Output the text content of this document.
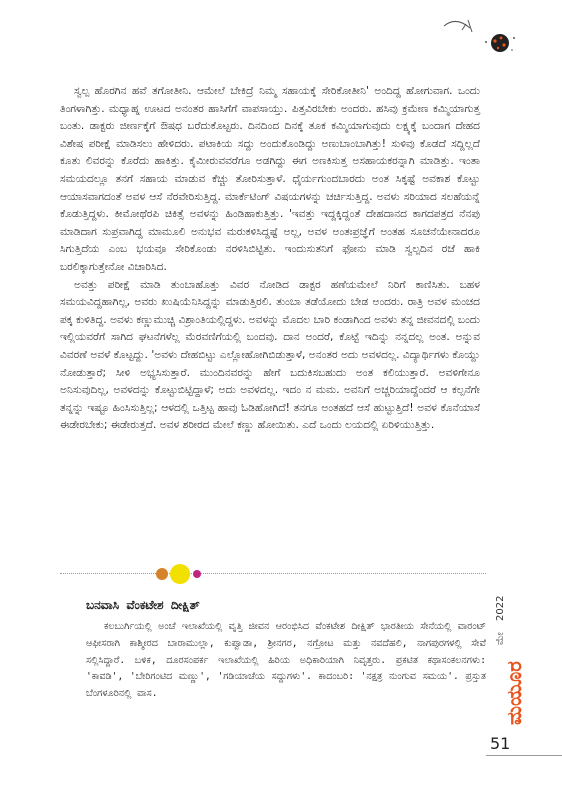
ಸ್ವಲ್ಪ ಹೊರಗಿನ ಹವೆ ತಗೋತೀನಿ. ಆಮೇಲೆ ಬೇಕಿದ್ರೆ ನಿಮ್ಮ ಸಹಾಯಕ್ಕೆ ಸೇರಿಕೋತೀನಿ' ಅಂದಿದ್ದ ಹೋಗುವಾಗ. ಒಂದು ತಿಂಗಳಾಗಿತ್ತು. ಮಧ್ಯಾಹ್ನ ಊಟದ ಅನಂತರ ಹಾಸಿಗೆಗೆ ವಾಪಸಾಯ್ತು. ಪಿತ್ತವಿರಬೇಕು ಅಂದರು. ಹಸಿವು ಕ್ರಮೇಣ ಕಮ್ಮಿಯಾಗುತ್ತ ಬಂತು. ಡಾಕ್ಟರು ಜೀರ್ಣಕ್ಕೆಗೆ ಔಷಧ ಬರೆದುಕೊಟ್ಟರು. ದಿನದಿಂದ ದಿನಕ್ಕೆ ತೂಕ ಕಮ್ಮಿಯಾಗುವುದು ಲಕ್ಷ್ಯಕ್ಕೆ ಬಂದಾಗ ದೇಹದ ವಿಶೇಷ ಪರೀಕ್ಷೆ ಮಾಡಿಸಲು ಹೇಳಿದರು. ಪಟಾಕಿಯ ಸದ್ದು ಅಂದುಕೊಂಡಿದ್ದು ಅಣುಬಾಂಬಾಗಿತ್ತು! ಸುಳಿವು ಕೊಡದೆ ಸದ್ದಿಲ್ಲದೆ ಕೂತು ಲಿವರನ್ನು ಕೊರೆದು ಹಾಕಿತ್ತು. ಕೈಮೀರುವವರೆಗೂ ಅಡಗಿದ್ದು ಈಗ ಅಣಕಿಸುತ್ತ ಅಸಹಾಯಕರನ್ನಾಗಿ ಮಾಡಿತ್ತು. ಇಂತಾ ಸಮಯದಲ್ಲೂ ತನಗೆ ಸಹಾಯ ಮಾಡುವ ಕೆಚ್ಚು ತೋರಿಸುತ್ತಾಳೆ. ಧೈರ್ಯಗುಂದಬಾರದು ಅಂತ ಸಿಕ್ಕಷ್ಟೆ ಅವಕಾಶ ಕೊಟ್ಟು ಆಯಾಸವಾಗದಂತೆ ಅವಳ ಆಸೆ ನೆರವೇರಿಸುತ್ತಿದ್ದ. ಮಾರ್ಕೆಟಿಂಗ್ ವಿಷಯಗಳನ್ನು ಚರ್ಚಿಸುತ್ತಿದ್ದ. ಅವಳು ಸರಿಯಾದ ಸಲಹೆಯನ್ನೆ ಕೊಡುತ್ತಿದ್ದಳು. ಕೀಮೋಥೆರಪಿ ಚಿಕಿತ್ಸೆ ಅವಳನ್ನು ಹಿಂಡಿಹಾಕುತ್ತಿತ್ತು. 'ಇವತ್ತು ಇದ್ದಕ್ಕಿದ್ದಂತೆ ದೇಹದಾನದ ಕಾಗದಪತ್ರದ ನೆನಪು ಮಾಡಿದಾಗ ಸುಪ್ರವಾಗಿದ್ದ ಮಾಮೂಲಿ ಅನುಭವ ಮರುಕಳಿಸಿದ್ದಷ್ಟೆ ಅಲ್ಲ, ಅವಳ ಅಂತಃಪ್ರಜ್ಞೆಗೆ ಅಂತಹ ಸೂಚನೆಯೇನಾದರೂ ಸಿಗುತ್ತಿದೆಯ ಎಂಬ ಭಯವೂ ಸೇರಿಕೊಂಡು ನರಳಿಸಿಬಿಟ್ಟಿತು. ಇಂದುಸುತನಿಗೆ ಫೋನು ಮಾಡಿ ಸ್ವಲ್ಪದಿನ ರಜೆ ಹಾಕಿ ಬರಲಿಕ್ಕಾಗುತ್ತೇನೋ ವಿಚಾರಿಸಿದ.

ಅವತ್ತು ಪರೀಕ್ಷೆ ಮಾಡಿ ತುಂಬಾಹೊತ್ತು ವಿವರ ನೋಡಿದ ಡಾಕ್ಟರ ಹಣೆಯಮೇಲೆ ನಿರಿಗೆ ಕಾಣಿಸಿತು. ಬಹಳ ಸಮಯವಿದ್ದಹಾಗಿಲ್ಲ, ಅವರು ಖುಷಿಯೆನಿಸಿದ್ದನ್ನು ಮಾಡುತ್ತಿರಲಿ. ತುಂಬಾ ತಡೆಯೋದು ಬೇಡ ಅಂದರು. ರಾತ್ರಿ ಅವಳ ಮಂಚದ ಪಕ್ಕ ಕುಳಿತಿದ್ದ. ಅವಳು ಕಣ್ಣುಮುಚ್ಚಿ ವಿಶ್ರಾಂತಿಯಲ್ಲಿದ್ದಳು. ಅವಳನ್ನು ಮೊದಲ ಬಾರಿ ಕಂಡಾಗಿಂದ ಅವಳು ತನ್ನ ಜೀವನದಲ್ಲಿ ಬಂದು ಇಲ್ಲಿಯವರೆಗೆ ಸಾಗಿದ ಘಟನೆಗಳೆಲ್ಲ ಮೆರವಣಿಗೆಯಲ್ಲಿ ಬಂದವು. ದಾನ ಅಂದರೆ, ಕೊಟ್ಟೆ ಇದಿನ್ನು ನನ್ನದಲ್ಲ ಅಂತ. ಅನ್ನುವ ವಿವರಣೆ ಅವಳೆ ಕೊಟ್ಟದ್ದು. 'ಅವಳು ದೇಹಬಿಟ್ಟು ಎಲ್ಲೋಹೋಗಿಬಿಡುತ್ತಾಳೆ, ಅನಂತರ ಅದು ಅವಳದಲ್ಲ. ವಿದ್ಯಾರ್ಥಿಗಳು ಕೊಯ್ದು ನೋಡುತ್ತಾರೆ; ಸೀಳಿ ಅಭ್ಯಸಿಸುತ್ತಾರೆ. ಮುಂದಿನವರನ್ನು ಹೇಗೆ ಬದುಕಿಸಬಹುದು ಅಂತ ಕಲಿಯುತ್ತಾರೆ. ಅವಳಿಗೇನೂ ಅನಿಸುವುದಿಲ್ಲ, ಅವಳದನ್ನು ಕೊಟ್ಟುಬಿಟ್ಟಿದ್ದಾಳೆ; ಅದು ಅವಳದಲ್ಲ. ಇದಂ ನ ಮಮ. ಅವನಿಗೆ ಅಚ್ಚರಿಯಾದ್ದೆಂದರೆ ಆ ಕಲ್ಪನೆಗೇ ತನ್ನನ್ನು ಇಷ್ಟೂ ಹಿಂಸಿಸುತ್ತಿಲ್ಲ; ಆಳದಲ್ಲಿ ಒತ್ತಿಟ್ಟ ಹಾವು ಓಡಿಹೋಗಿದೆ! ತನಗೂ ಅಂತಹದೆ ಆಸೆ ಹುಟ್ಟುತ್ತಿದೆ! ಅವಳ ಕೊನೆಯಾಸೆ ಈಡೇರಬೇಕು; ಈಡೇರುತ್ತದೆ. ಅವಳ ಶರೀರದ ಮೇಲೆ ಕಣ್ಣು ಹೋಯಿತು. ಎದೆ ಒಂದು ಲಯದಲ್ಲಿ ಏರಿಳಿಯುತ್ತಿತ್ತು.

ಬನವಾಸಿ ವೆಂಕಟೇಶ ದೀಕ್ಷಿತ್

ಕಲಬುರ್ಗಿಯಲ್ಲಿ ಅಂಚೆ ಇಲಾಖೆಯಲ್ಲಿ ವೃತ್ತಿ ಜೀವನ ಆರಂಭಿಸಿದ ವೆಂಕಟೇಶ ದೀಕ್ಷಿತ್ ಭಾರತೀಯ ಸೇನೆಯಲ್ಲಿ ವಾರಂಟ್ ಆಫೀಸರಾಗಿ ಕಾಶ್ಮೀರದ ಬಾರಾಮುಲ್ಲಾ, ಕುಪ್ವಾಡಾ, ಶ್ರೀನಗರ, ನಗ್ರೋಟ ಮತ್ತು ನವದೆಹಲಿ, ನಾಗಪುರಗಳಲ್ಲಿ ಸೇವೆ ಸಲ್ಲಿಸಿದ್ದಾರೆ. ಬಳಿಕ, ದೂರಸಂಪರ್ಕ ಇಲಾಖೆಯಲ್ಲಿ ಹಿರಿಯ ಅಧಿಕಾರಿಯಾಗಿ ನಿವೃತ್ತರು. ಪ್ರಕಟಿತ ಕಥಾಸಂಕಲನಗಳು: 'ಕಾವಡಿ', 'ಬೇರಿಗಂಟಿದ ಮಣ್ಣು', 'ಗಡಿಯಾಚೆಯ ಸದ್ದುಗಳು'. ಕಾದಂಬರಿ: 'ನಕ್ಷತ್ರ ನುಂಗುವ ಸಮಯ'. ಪ್ರಸ್ತುತ ಬೆಂಗಳೂರಿನಲ್ಲಿ ವಾಸ.	ಮಯೂರ
ಮೇ
2022
51
